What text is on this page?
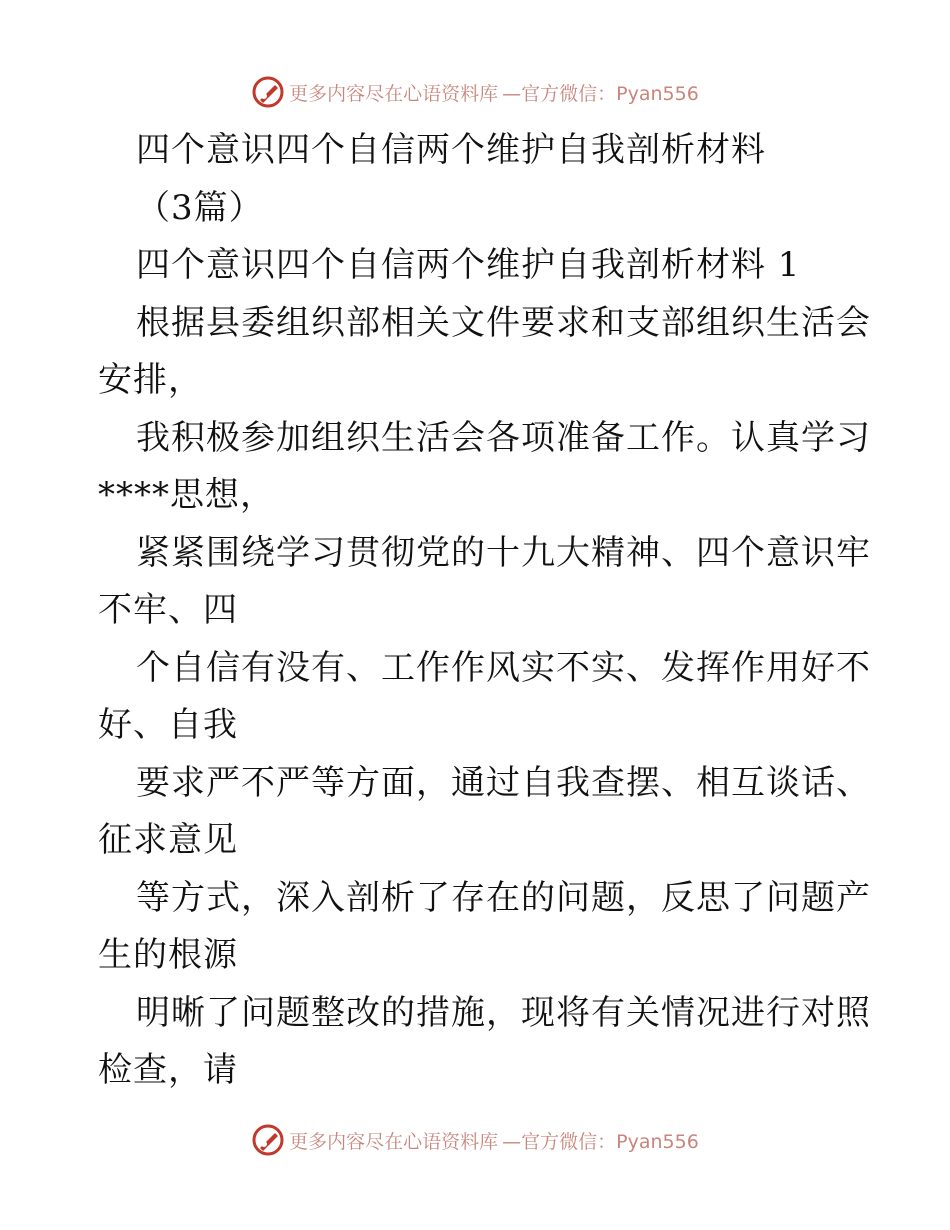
更多内容尽在心语资料库 —官方微信：Pyan556
四个意识四个自信两个维护自我剖析材料
（3篇）
四个意识四个自信两个维护自我剖析材料 1
根据县委组织部相关文件要求和支部组织生活会
安排，
我积极参加组织生活会各项准备工作。认真学习
****思想，
紧紧围绕学习贯彻党的十九大精神、四个意识牢
不牢、四
个自信有没有、工作作风实不实、发挥作用好不
好、自我
要求严不严等方面，通过自我查摆、相互谈话、
征求意见
等方式，深入剖析了存在的问题，反思了问题产
生的根源
明晰了问题整改的措施，现将有关情况进行对照
检查，请
更多内容尽在心语资料库 —官方微信：Pyan556
